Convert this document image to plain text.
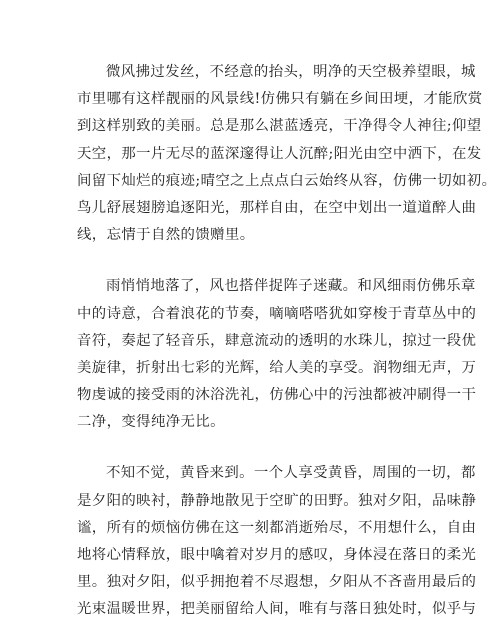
微风拂过发丝，不经意的抬头，明净的天空极养望眼，城
市里哪有这样靓丽的风景线!仿佛只有躺在乡间田埂，才能欣赏
到这样别致的美丽。总是那么湛蓝透亮，干净得令人神往;仰望
天空，那一片无尽的蓝深邃得让人沉醉;阳光由空中洒下，在发
间留下灿烂的痕迹;晴空之上点点白云始终从容，仿佛一切如初。
鸟儿舒展翅膀追逐阳光，那样自由，在空中划出一道道醉人曲
线，忘情于自然的馈赠里。
雨悄悄地落了，风也搭伴捉阵子迷藏。和风细雨仿佛乐章
中的诗意，合着浪花的节奏，嘀嘀嗒嗒犹如穿梭于青草丛中的
音符，奏起了轻音乐，肆意流动的透明的水珠儿，掠过一段优
美旋律，折射出七彩的光辉，给人美的享受。润物细无声，万
物虔诚的接受雨的沐浴洗礼，仿佛心中的污浊都被冲刷得一干
二净，变得纯净无比。
不知不觉，黄昏来到。一个人享受黄昏，周围的一切，都
是夕阳的映衬，静静地散见于空旷的田野。独对夕阳，品味静
谧，所有的烦恼仿佛在这一刻都消逝殆尽，不用想什么，自由
地将心情释放，眼中噙着对岁月的感叹，身体浸在落日的柔光
里。独对夕阳，似乎拥抱着不尽遐想，夕阳从不吝啬用最后的
光束温暖世界，把美丽留给人间，唯有与落日独处时，似乎与
